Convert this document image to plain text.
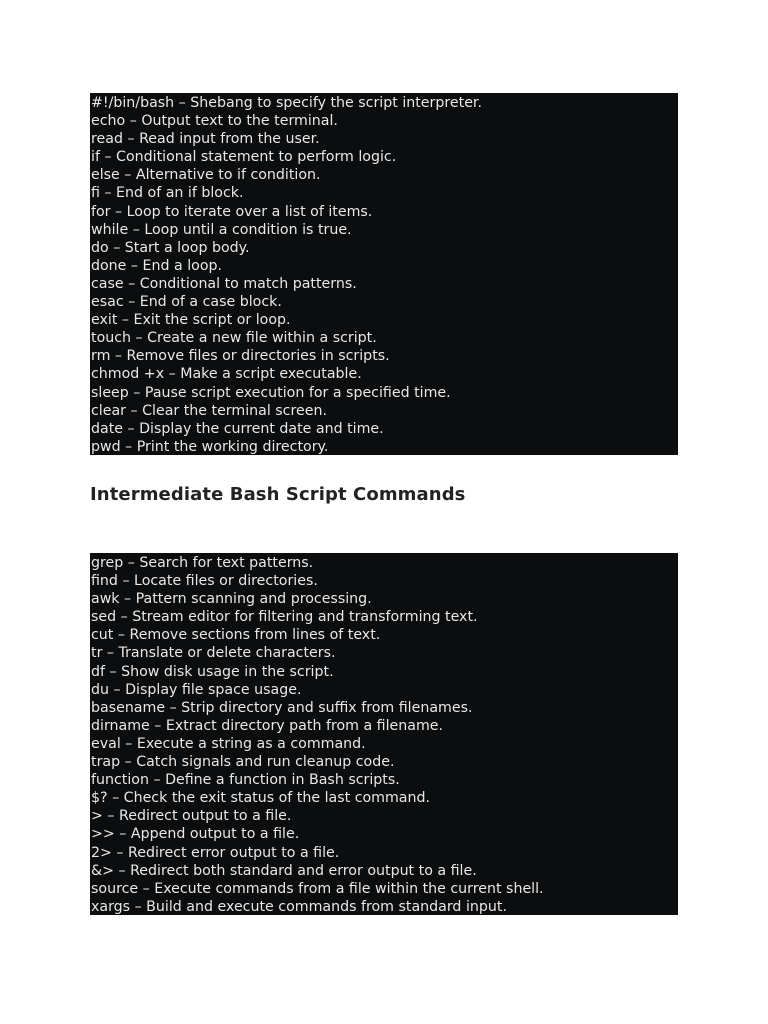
#!/bin/bash – Shebang to specify the script interpreter.
echo – Output text to the terminal.
read – Read input from the user.
if – Conditional statement to perform logic.
else – Alternative to if condition.
fi – End of an if block.
for – Loop to iterate over a list of items.
while – Loop until a condition is true.
do – Start a loop body.
done – End a loop.
case – Conditional to match patterns.
esac – End of a case block.
exit – Exit the script or loop.
touch – Create a new file within a script.
rm – Remove files or directories in scripts.
chmod +x – Make a script executable.
sleep – Pause script execution for a specified time.
clear – Clear the terminal screen.
date – Display the current date and time.
pwd – Print the working directory.
Intermediate Bash Script Commands
grep – Search for text patterns.
find – Locate files or directories.
awk – Pattern scanning and processing.
sed – Stream editor for filtering and transforming text.
cut – Remove sections from lines of text.
tr – Translate or delete characters.
df – Show disk usage in the script.
du – Display file space usage.
basename – Strip directory and suffix from filenames.
dirname – Extract directory path from a filename.
eval – Execute a string as a command.
trap – Catch signals and run cleanup code.
function – Define a function in Bash scripts.
$? – Check the exit status of the last command.
> – Redirect output to a file.
>> – Append output to a file.
2> – Redirect error output to a file.
&> – Redirect both standard and error output to a file.
source – Execute commands from a file within the current shell.
xargs – Build and execute commands from standard input.
